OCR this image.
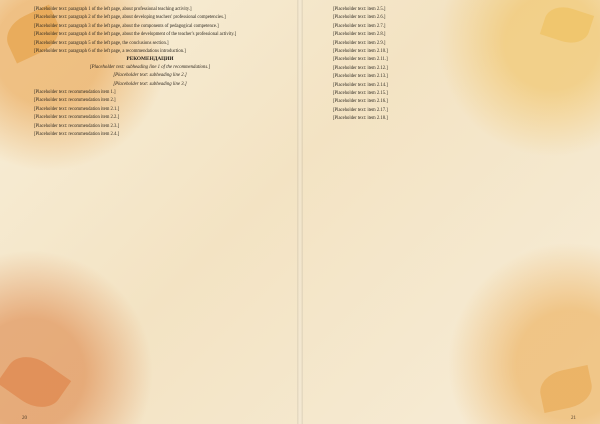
[Placeholder text: paragraph 1 of the left page, about professional teaching activity.]

[Placeholder text: paragraph 2 of the left page, about developing teachers' professional competencies.]

[Placeholder text: paragraph 3 of the left page, about the components of pedagogical competence.]

[Placeholder text: paragraph 4 of the left page, about the development of the teacher's professional activity.]

[Placeholder text: paragraph 5 of the left page, the conclusions section.]

[Placeholder text: paragraph 6 of the left page, a recommendations introduction.]

РЕКОМЕНДАЦИИ
[Placeholder text: subheading line 1 of the recommendations.]
[Placeholder text: subheading line 2.]
[Placeholder text: subheading line 3.]

[Placeholder text: recommendation item 1.]

[Placeholder text: recommendation item 2.]

[Placeholder text: recommendation item 2.1.]

[Placeholder text: recommendation item 2.2.]

[Placeholder text: recommendation item 2.3.]

[Placeholder text: recommendation item 2.4.]

20

[Placeholder text: item 2.5.]

[Placeholder text: item 2.6.]

[Placeholder text: item 2.7.]

[Placeholder text: item 2.8.]

[Placeholder text: item 2.9.]

[Placeholder text: item 2.10.]

[Placeholder text: item 2.11.]

[Placeholder text: item 2.12.]

[Placeholder text: item 2.13.]

[Placeholder text: item 2.14.]

[Placeholder text: item 2.15.]

[Placeholder text: item 2.16.]

[Placeholder text: item 2.17.]

[Placeholder text: item 2.18.]

21
